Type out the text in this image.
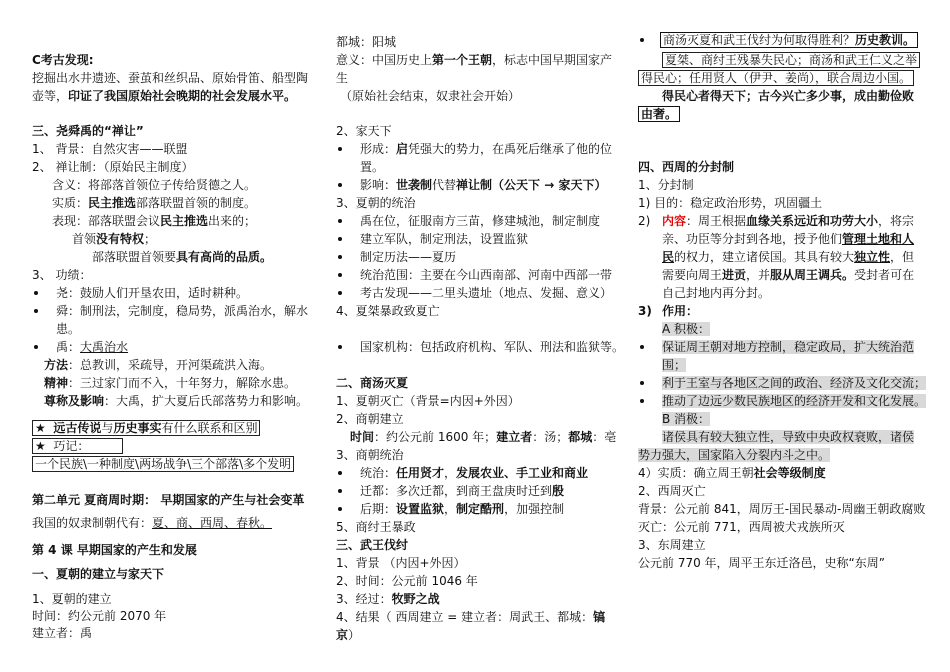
C考古发现:
挖掘出水井遗迹、蚕茧和丝织品、原始骨笛、船型陶
壶等，印证了我国原始社会晚期的社会发展水平。
三、尧舜禹的“禅让”
1、 背景：自然灾害——联盟
2、 禅让制：（原始民主制度）
含义：将部落首领位子传给贤德之人。
实质：民主推选部落联盟首领的制度。
表现：部落联盟会议民主推选出来的；
首领没有特权；
部落联盟首领要具有高尚的品质。
3、 功绩：
尧：鼓励人们开垦农田，适时耕种。
舜：制刑法，完制度，稳局势，派禹治水，解水
患。
禹：大禹治水
方法：总教训，采疏导，开河渠疏洪入海。
精神：三过家门而不入，十年努力，解除水患。
尊称及影响：大禹，扩大夏后氏部落势力和影响。
★ 远古传说与历史事实有什么联系和区别
★ 巧记：
一个民族\一种制度\两场战争\三个部落\多个发明
第二单元 夏商周时期： 早期国家的产生与社会变革
我国的奴隶制朝代有：夏、商、西周、春秋。
第 4 课 早期国家的产生和发展
一、夏朝的建立与家天下
1、夏朝的建立
时间：约公元前 2070 年
建立者：禹
都城：阳城
意义：中国历史上第一个王朝，标志中国早期国家产
生
（原始社会结束，奴隶社会开始）
2、家天下
形成：启凭强大的势力，在禹死后继承了他的位
置。
影响：世袭制代替禅让制（公天下 → 家天下）
3、夏朝的统治
禹在位，征服南方三苗，修建城池，制定制度
建立军队，制定刑法，设置监狱
制定历法——夏历
统治范围：主要在今山西南部、河南中西部一带
考古发现——二里头遗址（地点、发掘、意义）
4、夏桀暴政致夏亡
国家机构：包括政府机构、军队、刑法和监狱等。
二、商汤灭夏
1、夏朝灭亡（背景=内因+外因）
2、商朝建立
时间：约公元前 1600 年；建立者：汤；都城：亳
3、商朝统治
统治：任用贤才，发展农业、手工业和商业
迁都：多次迁都，到商王盘庚时迁到殷
后期：设置监狱，制定酷刑，加强控制
5、商纣王暴政
三、武王伐纣
1、背景 （内因+外因）
2、时间：公元前 1046 年
3、经过：牧野之战
4、结果（ 西周建立 = 建立者：周武王、都城：镐
京）
商汤灭夏和武王伐纣为何取得胜利？历史教训。
夏桀、商纣王残暴失民心；商汤和武王仁义之举
得民心；任用贤人（伊尹、姜尚），联合周边小国。
得民心者得天下；古今兴亡多少事，成由勤俭败
由奢。
四、西周的分封制
1、分封制
1) 目的：稳定政治形势，巩固疆土
2) 内容：周王根据血缘关系远近和功劳大小，将宗
亲、功臣等分封到各地，授予他们管理土地和人
民的权力，建立诸侯国。其具有较大独立性，但
需要向周王进贡，并服从周王调兵。受封者可在
自己封地内再分封。
3) 作用：
A 积极：
保证周王朝对地方控制，稳定政局，扩大统治范
围；
利于王室与各地区之间的政治、经济及文化交流；
推动了边远少数民族地区的经济开发和文化发展。
B 消极：
诸侯具有较大独立性，导致中央政权衰败，诸侯
势力强大，国家陷入分裂内斗之中。
4）实质：确立周王朝社会等级制度
2、西周灭亡
背景：公元前 841，周厉王-国民暴动-周幽王朝政腐败
灭亡：公元前 771，西周被犬戎族所灭
3、东周建立
公元前 770 年，周平王东迁洛邑，史称“东周”
